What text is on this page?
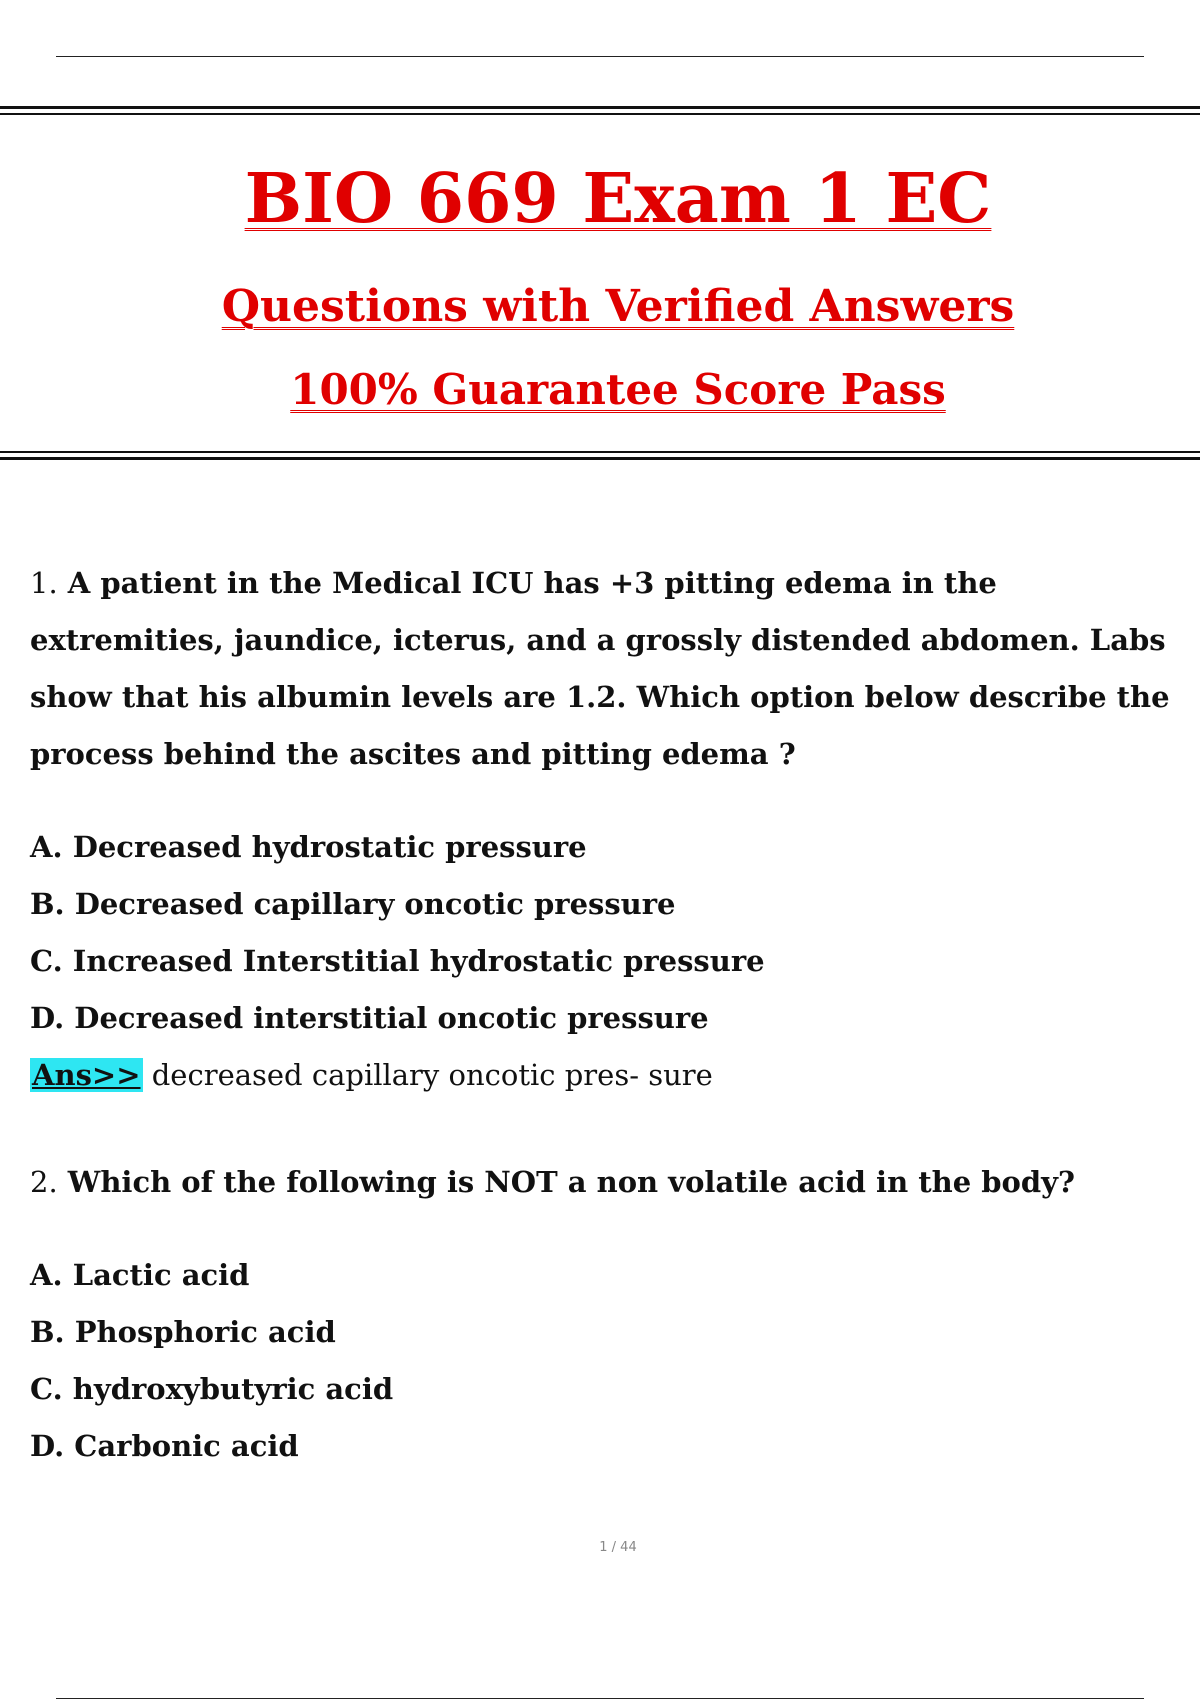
BIO 669 Exam 1 EC
Questions with Verified Answers
100% Guarantee Score Pass

1. A patient in the Medical ICU has +3 pitting edema in the extremities, jaundice, icterus, and a grossly distended abdomen. Labs show that his albumin levels are 1.2. Which option below describe the process behind the ascites and pitting edema ?

A. Decreased hydrostatic pressure
B. Decreased capillary oncotic pressure
C. Increased Interstitial hydrostatic pressure
D. Decreased interstitial oncotic pressure
Ans>> decreased capillary oncotic pres- sure

2. Which of the following is NOT a non volatile acid in the body?

A. Lactic acid
B. Phosphoric acid
C. hydroxybutyric acid
D. Carbonic acid
1 / 44
